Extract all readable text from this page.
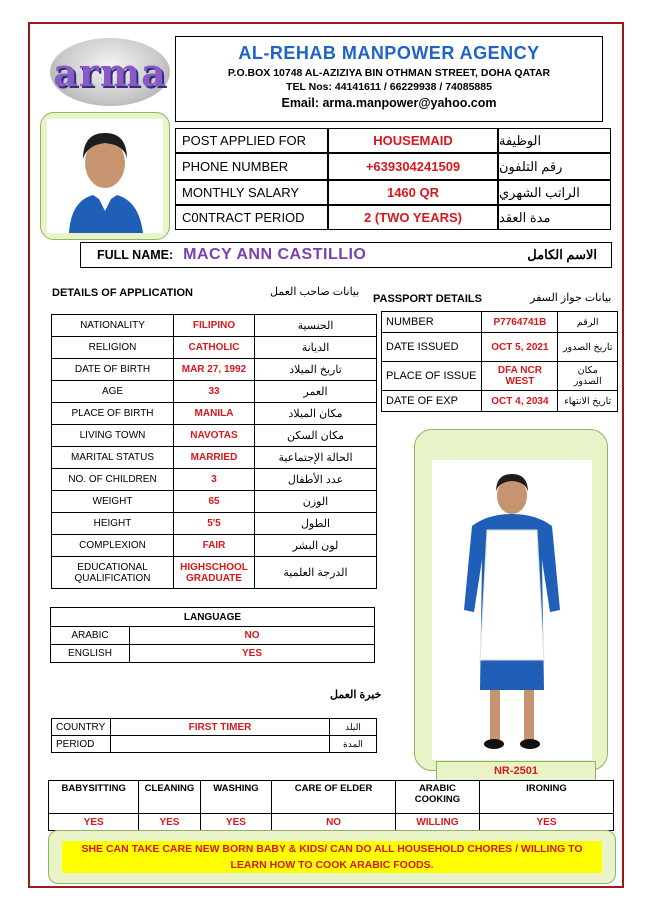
arma	AL-REHAB MANPOWER AGENCY
P.O.BOX 10748 AL-AZIZIYA BIN OTHMAN STREET, DOHA QATAR
TEL Nos: 44141611 / 66229938 / 74085885
Email: arma.manpower@yahoo.com
POST APPLIED FOR	HOUSEMAID	الوظيفة
PHONE NUMBER	+639304241509	رقم التلفون
MONTHLY SALARY	1460 QR	الراتب الشهري
C0NTRACT PERIOD	2 (TWO YEARS)	مدة العقد
FULL NAME: MACY ANN CASTILLIO	الاسم الكامل
DETAILS OF APPLICATION	بيانات صاحب العمل
NATIONALITY	FILIPINO	الجنسية
RELIGION	CATHOLIC	الديانة
DATE OF BIRTH	MAR 27, 1992	تاريخ الميلاد
AGE	33	العمر
PLACE OF BIRTH	MANILA	مكان الميلاد
LIVING TOWN	NAVOTAS	مكان السكن
MARITAL STATUS	MARRIED	الحالة الإجتماعية
NO. OF CHILDREN	3	عدد الأطفال
WEIGHT	65	الوزن
HEIGHT	5'5	الطول
COMPLEXION	FAIR	لون البشر
EDUCATIONAL QUALIFICATION	HIGHSCHOOL GRADUATE	الدرجة العلمية
PASSPORT DETAILS	بيانات جواز السفر
NUMBER	P7764741B	الرقم
DATE ISSUED	OCT 5, 2021	تاريخ الصدور
PLACE OF ISSUE	DFA NCR WEST	مكان الصدور
DATE OF EXP	OCT 4, 2034	تاريخ الانتهاء
NR-2501
LANGUAGE	
ARABIC	NO
ENGLISH	YES
خبرة العمل
COUNTRY	FIRST TIMER	البلد
PERIOD		المدة
BABYSITTING	CLEANING	WASHING	CARE OF ELDER	ARABIC COOKING	IRONING
YES	YES	YES	NO	WILLING	YES
SHE CAN TAKE CARE NEW BORN BABY & KIDS/ CAN DO ALL HOUSEHOLD CHORES / WILLING TO LEARN HOW TO COOK ARABIC FOODS.
